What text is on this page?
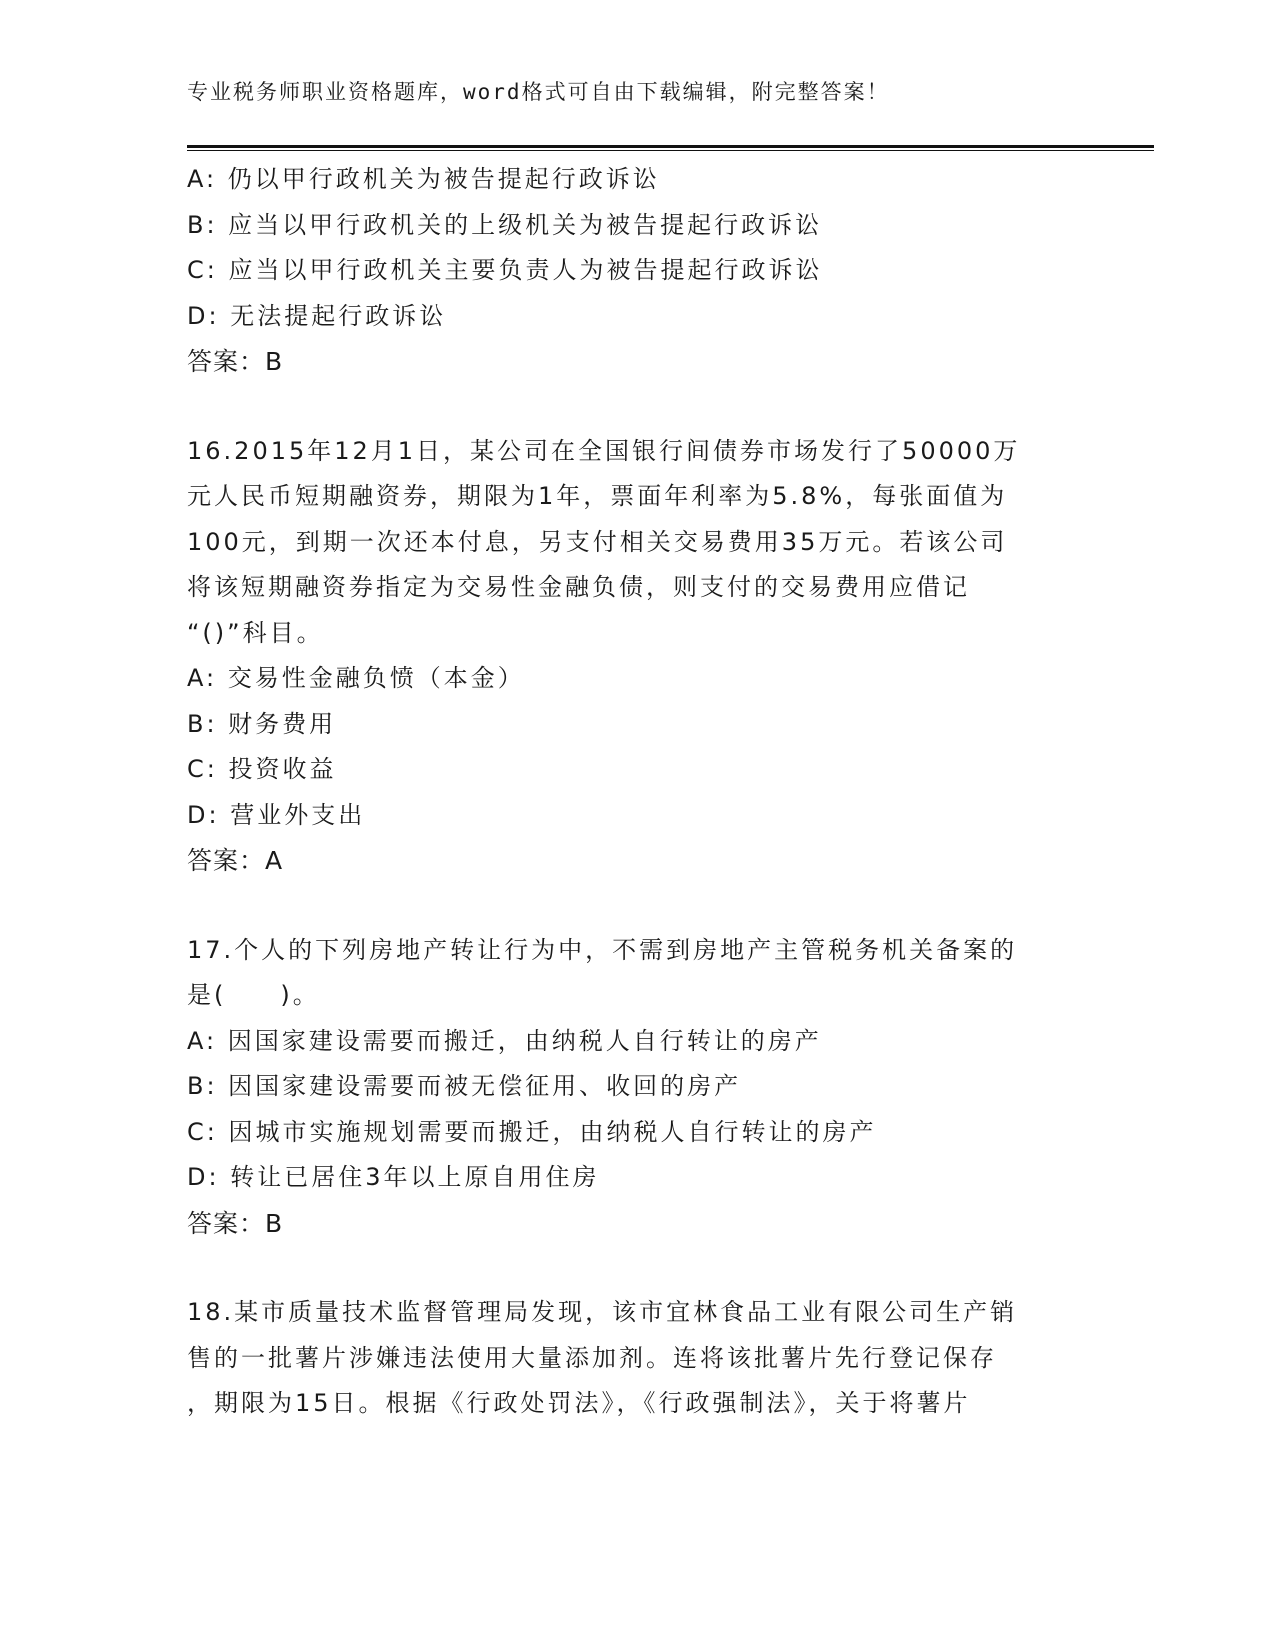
专业税务师职业资格题库，word格式可自由下载编辑，附完整答案！
A: 仍以甲行政机关为被告提起行政诉讼
B: 应当以甲行政机关的上级机关为被告提起行政诉讼
C: 应当以甲行政机关主要负责人为被告提起行政诉讼
D: 无法提起行政诉讼
答案：B
16.2015年12月1日，某公司在全国银行间债券市场发行了50000万
元人民币短期融资券，期限为1年，票面年利率为5.8%，每张面值为
100元，到期一次还本付息，另支付相关交易费用35万元。若该公司
将该短期融资券指定为交易性金融负债，则支付的交易费用应借记
“()”科目。
A: 交易性金融负愤（本金）
B: 财务费用
C: 投资收益
D: 营业外支出
答案：A
17.个人的下列房地产转让行为中，不需到房地产主管税务机关备案的
是(　　)。
A: 因国家建设需要而搬迁，由纳税人自行转让的房产
B: 因国家建设需要而被无偿征用、收回的房产
C: 因城市实施规划需要而搬迁，由纳税人自行转让的房产
D: 转让已居住3年以上原自用住房
答案：B
18.某市质量技术监督管理局发现，该市宜林食品工业有限公司生产销
售的一批薯片涉嫌违法使用大量添加剂。连将该批薯片先行登记保存
，期限为15日。根据《行政处罚法》，《行政强制法》，关于将薯片
